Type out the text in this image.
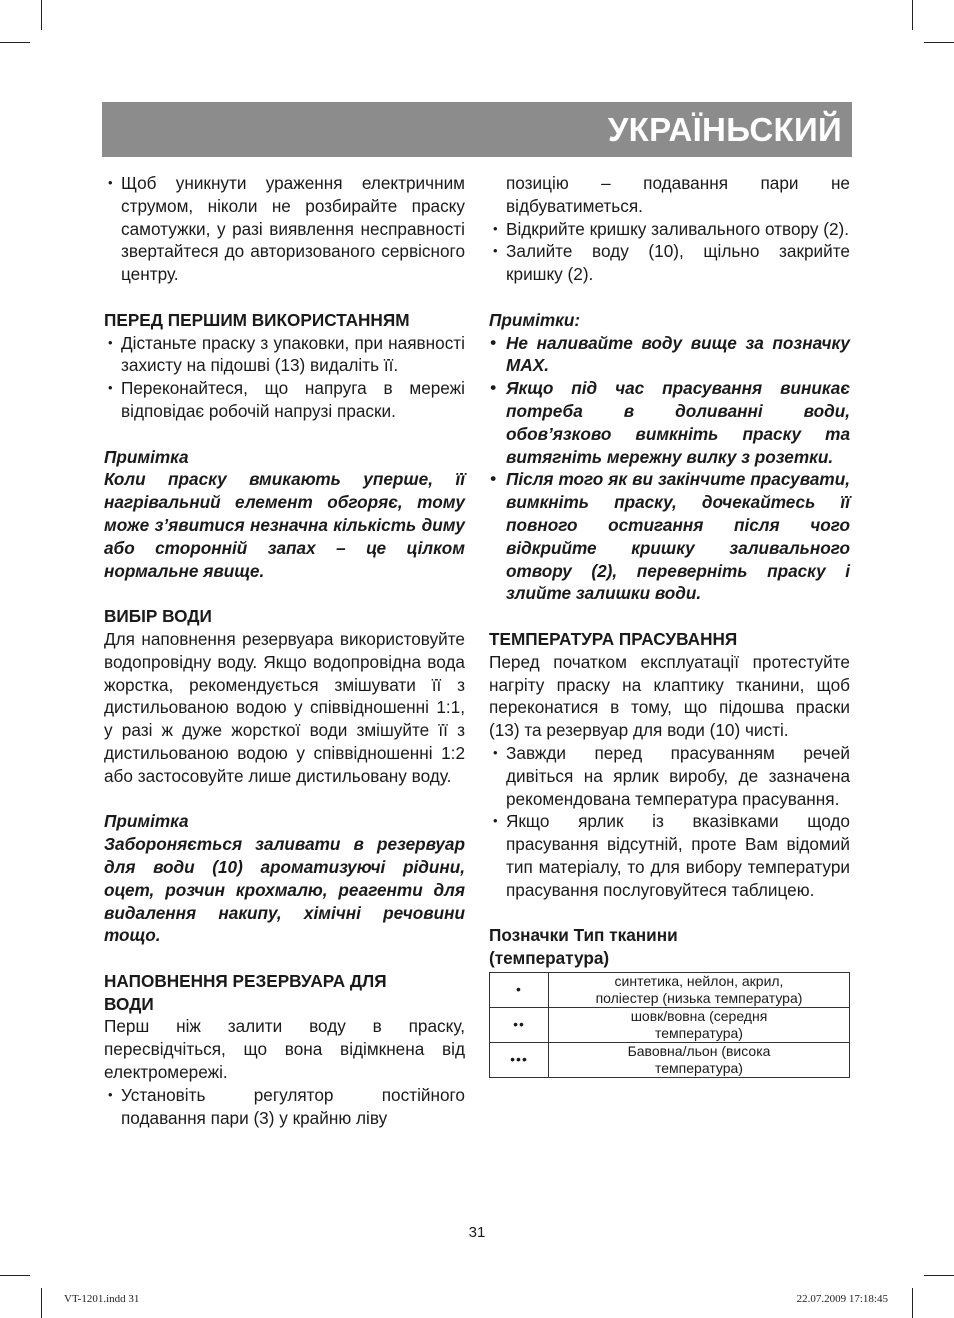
УКРАЇНЬСКИЙ
• Щоб уникнути ураження електричним струмом, ніколи не розбирайте праску самотужки, у разі виявлення несправності звертайтеся до авторизованого сервісного центру.

ПЕРЕД ПЕРШИМ ВИКОРИСТАННЯМ

• Дістаньте праску з упаковки, при наявності захисту на підошві (13) видаліть її.
• Переконайтеся, що напруга в мережі відповідає робочій напрузі праски.

Примітка

Коли праску вмикають уперше, її нагрівальний елемент обгоряє, тому може з’явитися незначна кількість диму або сторонній запах – це цілком нормальне явище.

ВИБІР ВОДИ

Для наповнення резервуара використовуйте водопровідну воду. Якщо водопровідна вода жорстка, рекомендується змішувати її з дистильованою водою у співвідношенні 1:1, у разі ж дуже жорсткої води змішуйте її з дистильованою водою у співвідношенні 1:2 або застосовуйте лише дистильовану воду.

Примітка

Забороняється заливати в резервуар для води (10) ароматизуючі рідини, оцет, розчин крохмалю, реагенти для видалення накипу, хімічні речовини тощо.

НАПОВНЕННЯ РЕЗЕРВУАРА ДЛЯ
ВОДИ

Перш ніж залити воду в праску, пересвідчіться, що вона відімкнена від електромережі.

• Установіть регулятор постійного подавання пари (3) у крайню ліву

позицію – подавання пари не відбуватиметься.

• Відкрийте кришку заливального отвору (2).
• Залийте воду (10), щільно закрийте кришку (2).

Примітки:

• Не наливайте воду вище за позначку MAX.
• Якщо під час прасування виникає потреба в доливанні води, обов’язково вимкніть праску та витягніть мережну вилку з розетки.
• Після того як ви закінчите прасувати, вимкніть праску, дочекайтесь її повного остигання після чого відкрийте кришку заливального отвору (2), переверніть праску і злийте залишки води.

ТЕМПЕРАТУРА ПРАСУВАННЯ

Перед початком експлуатації протестуйте нагріту праску на клаптику тканини, щоб переконатися в тому, що підошва праски (13) та резервуар для води (10) чисті.

• Завжди перед прасуванням речей дивіться на ярлик виробу, де зазначена рекомендована температура прасування.
• Якщо ярлик із вказівками щодо прасування відсутній, проте Вам відомий тип матеріалу, то для вибору температури прасування послуговуйтеся таблицею.

Позначки Тип тканини
(температура)

•	синтетика, нейлон, акрил,
поліестер (низька температура)
••	шовк/вовна (середня
температура)
•••	Бавовна/льон (висока
температура)
31
VT-1201.indd 31	22.07.2009 17:18:45
